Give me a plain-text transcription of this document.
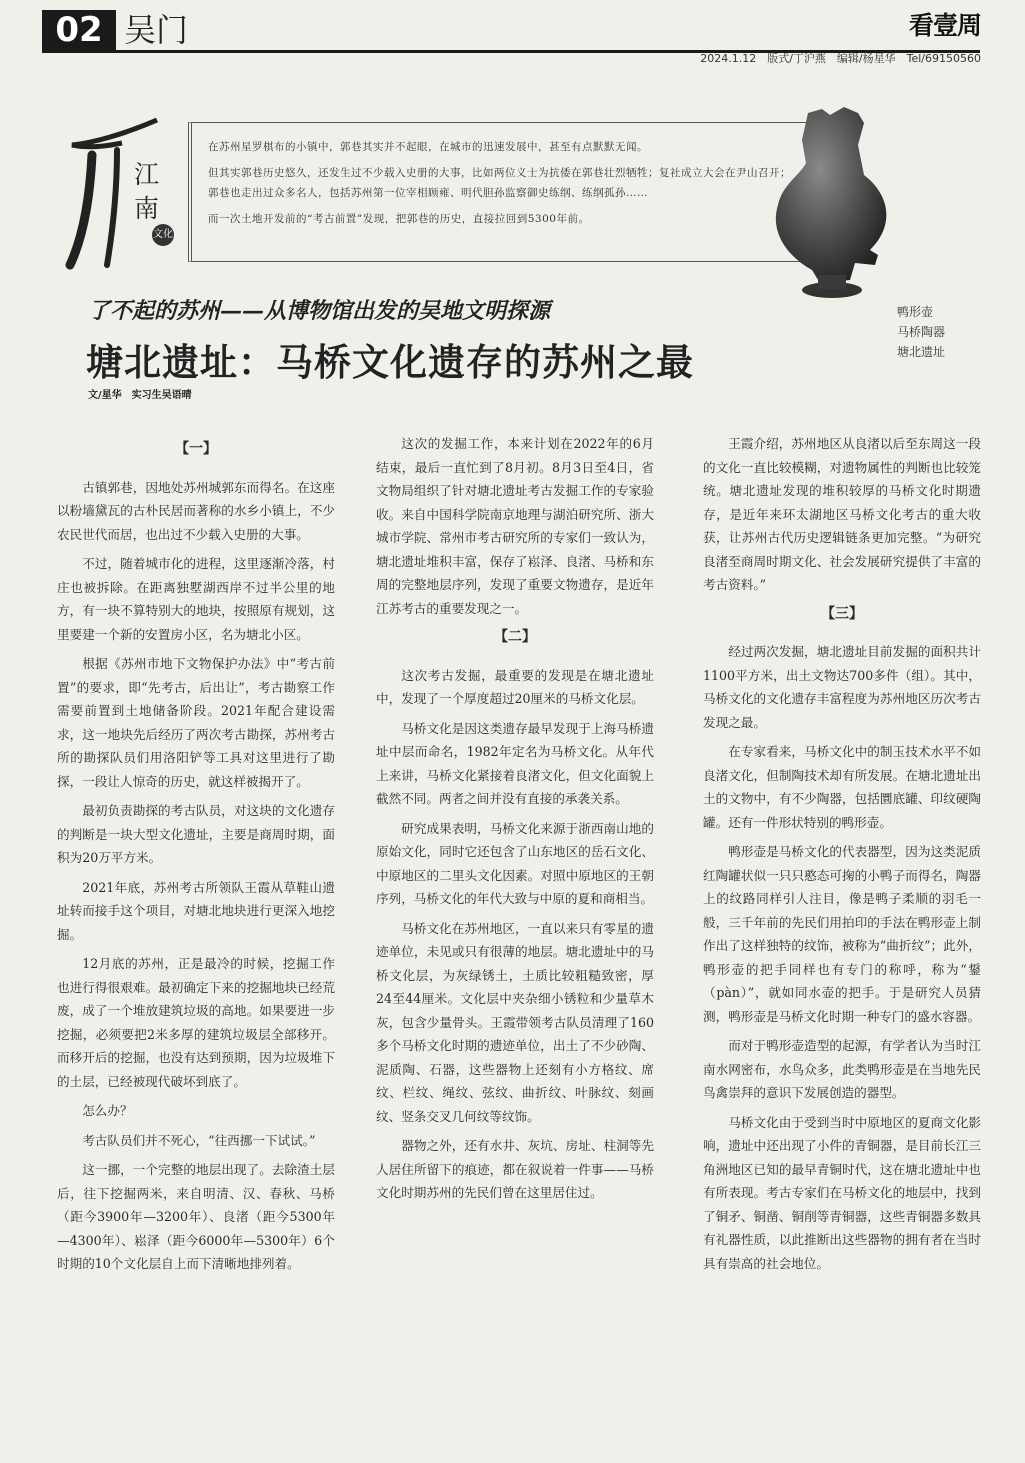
02 吴门	看壹周
2024.1.12　版式/丁沪燕　编辑/杨星华　Tel/69150560
江南
文化

在苏州星罗棋布的小镇中，郭巷其实并不起眼，在城市的迅速发展中，甚至有点默默无闻。

但其实郭巷历史悠久，还发生过不少载入史册的大事，比如两位义士为抗倭在郭巷壮烈牺牲；复社成立大会在尹山召开；郭巷也走出过众多名人，包括苏州第一位宰相顾雍、明代胆孙监察御史练纲、练纲孤孙……

而一次土地开发前的“考古前置”发现，把郭巷的历史，直接拉回到5300年前。

鸭形壶
马桥陶器
塘北遗址
了不起的苏州——从博物馆出发的吴地文明探源
塘北遗址：马桥文化遗存的苏州之最
文/星华　实习生吴语晴

【一】

古镇郭巷，因地处苏州城郭东而得名。在这座以粉墙黛瓦的古朴民居而著称的水乡小镇上，不少农民世代而居，也出过不少载入史册的大事。

不过，随着城市化的进程，这里逐渐冷落，村庄也被拆除。在距离独墅湖西岸不过半公里的地方，有一块不算特别大的地块，按照原有规划，这里要建一个新的安置房小区，名为塘北小区。

根据《苏州市地下文物保护办法》中“考古前置”的要求，即“先考古，后出让”，考古勘察工作需要前置到土地储备阶段。2021年配合建设需求，这一地块先后经历了两次考古勘探，苏州考古所的勘探队员们用洛阳铲等工具对这里进行了勘探，一段让人惊奇的历史，就这样被揭开了。

最初负责勘探的考古队员，对这块的文化遗存的判断是一块大型文化遗址，主要是商周时期，面积为20万平方米。

2021年底，苏州考古所领队王霞从草鞋山遗址转而接手这个项目，对塘北地块进行更深入地挖掘。

12月底的苏州，正是最冷的时候，挖掘工作也进行得很艰难。最初确定下来的挖掘地块已经荒废，成了一个堆放建筑垃圾的高地。如果要进一步挖掘，必须要把2米多厚的建筑垃圾层全部移开。而移开后的挖掘，也没有达到预期，因为垃圾堆下的土层，已经被现代破坏到底了。

怎么办？

考古队员们并不死心，“往西挪一下试试。”

这一挪，一个完整的地层出现了。去除渣土层后，往下挖掘两米，来自明清、汉、春秋、马桥（距今3900年—3200年）、良渚（距今5300年—4300年）、崧泽（距今6000年—5300年）6个时期的10个文化层自上而下清晰地排列着。

这次的发掘工作，本来计划在2022年的6月结束，最后一直忙到了8月初。8月3日至4日，省文物局组织了针对塘北遗址考古发掘工作的专家验收。来自中国科学院南京地理与湖泊研究所、浙大城市学院、常州市考古研究所的专家们一致认为，塘北遗址堆积丰富，保存了崧泽、良渚、马桥和东周的完整地层序列，发现了重要文物遗存，是近年江苏考古的重要发现之一。

【二】

这次考古发掘，最重要的发现是在塘北遗址中，发现了一个厚度超过20厘米的马桥文化层。

马桥文化是因这类遗存最早发现于上海马桥遗址中层而命名，1982年定名为马桥文化。从年代上来讲，马桥文化紧接着良渚文化，但文化面貌上截然不同。两者之间并没有直接的承袭关系。

研究成果表明，马桥文化来源于浙西南山地的原始文化，同时它还包含了山东地区的岳石文化、中原地区的二里头文化因素。对照中原地区的王朝序列，马桥文化的年代大致与中原的夏和商相当。

马桥文化在苏州地区，一直以来只有零星的遗迹单位，未见或只有很薄的地层。塘北遗址中的马桥文化层，为灰绿锈土，土质比较粗糙致密，厚24至44厘米。文化层中夹杂细小锈粒和少量草木灰，包含少量骨头。王霞带领考古队员清理了160多个马桥文化时期的遗迹单位，出土了不少砂陶、泥质陶、石器，这些器物上还刻有小方格纹、席纹、栏纹、绳纹、弦纹、曲折纹、叶脉纹、刻画纹、竖条交叉几何纹等纹饰。

器物之外，还有水井、灰坑、房址、柱洞等先人居住所留下的痕迹，都在叙说着一件事——马桥文化时期苏州的先民们曾在这里居住过。

王霞介绍，苏州地区从良渚以后至东周这一段的文化一直比较模糊，对遗物属性的判断也比较笼统。塘北遗址发现的堆积较厚的马桥文化时期遗存，是近年来环太湖地区马桥文化考古的重大收获，让苏州古代历史逻辑链条更加完整。“为研究良渚至商周时期文化、社会发展研究提供了丰富的考古资料。”

【三】

经过两次发掘，塘北遗址目前发掘的面积共计1100平方米，出土文物达700多件（组）。其中，马桥文化的文化遗存丰富程度为苏州地区历次考古发现之最。

在专家看来，马桥文化中的制玉技术水平不如良渚文化，但制陶技术却有所发展。在塘北遗址出土的文物中，有不少陶器，包括圜底罐、印纹硬陶罐。还有一件形状特别的鸭形壶。

鸭形壶是马桥文化的代表器型，因为这类泥质红陶罐状似一只只憨态可掬的小鸭子而得名，陶器上的纹路同样引人注目，像是鸭子柔顺的羽毛一般，三千年前的先民们用拍印的手法在鸭形壶上制作出了这样独特的纹饰，被称为“曲折纹”；此外，鸭形壶的把手同样也有专门的称呼，称为“鋬（pàn）”，就如同水壶的把手。于是研究人员猜测，鸭形壶是马桥文化时期一种专门的盛水容器。

而对于鸭形壶造型的起源，有学者认为当时江南水网密布，水鸟众多，此类鸭形壶是在当地先民鸟禽崇拜的意识下发展创造的器型。

马桥文化由于受到当时中原地区的夏商文化影响，遗址中还出现了小件的青铜器，是目前长江三角洲地区已知的最早青铜时代，这在塘北遗址中也有所表现。考古专家们在马桥文化的地层中，找到了铜矛、铜凿、铜削等青铜器，这些青铜器多数具有礼器性质，以此推断出这些器物的拥有者在当时具有崇高的社会地位。
